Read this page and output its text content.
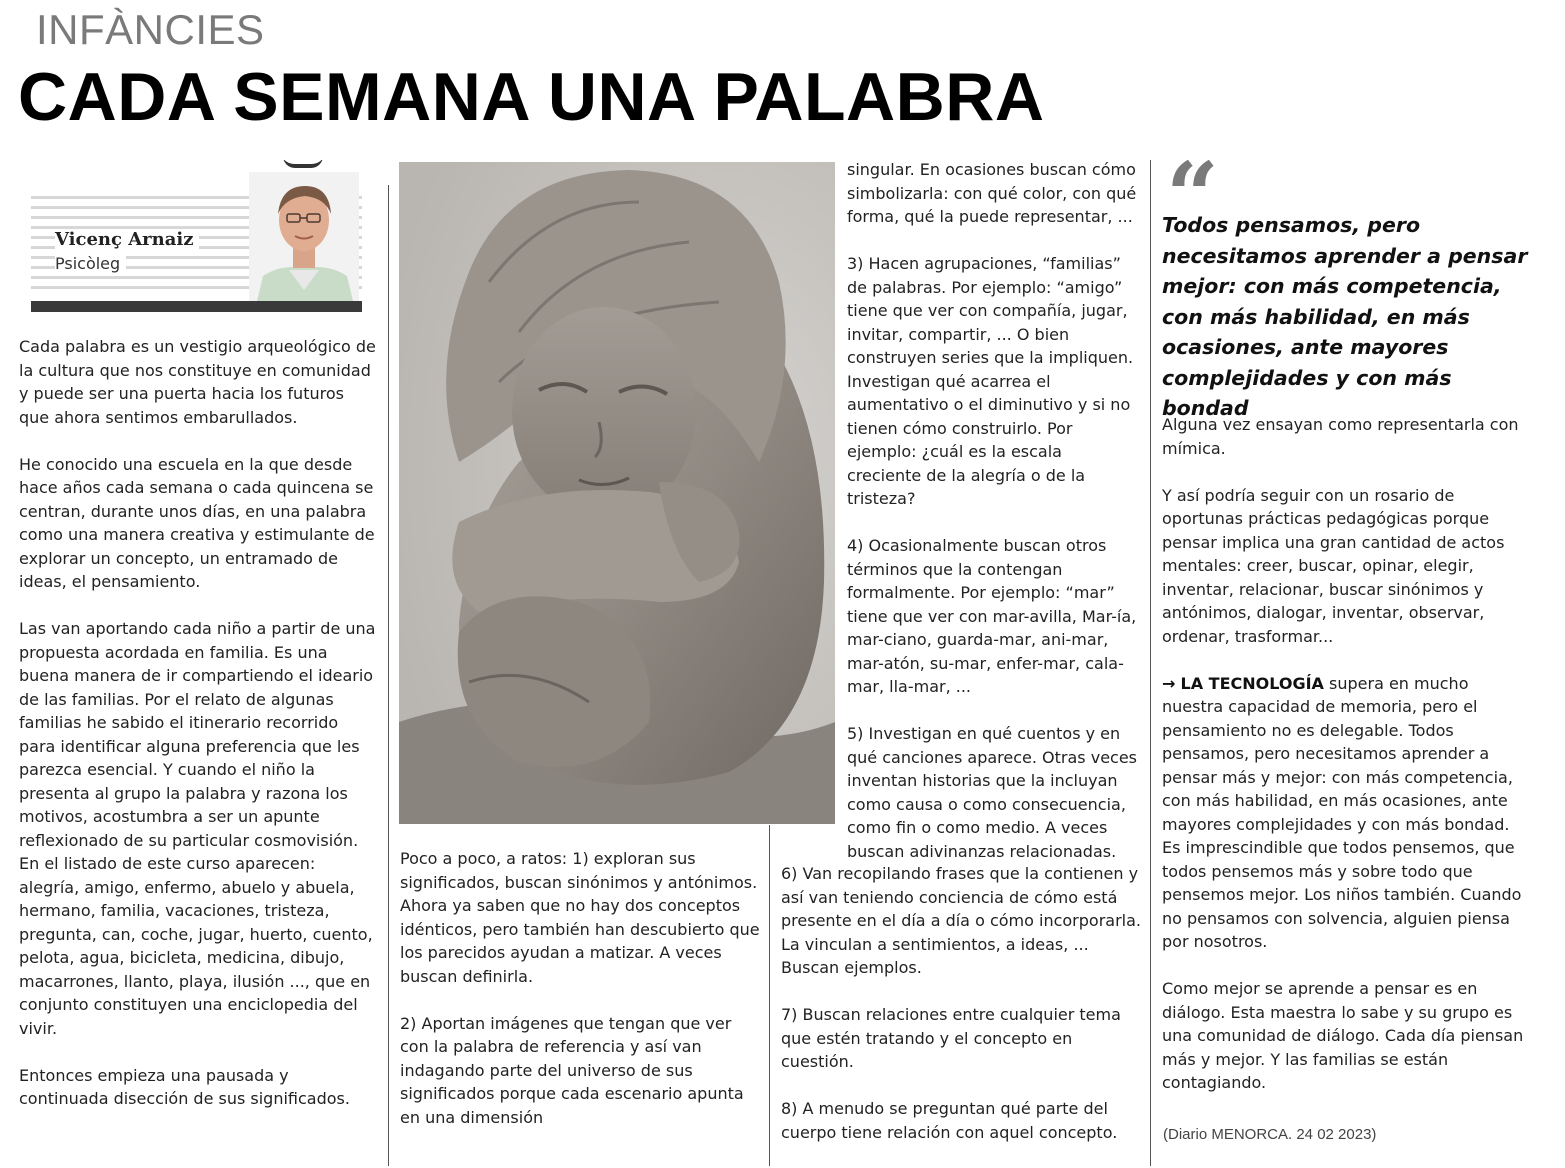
INFÀNCIES
CADA SEMANA UNA PALABRA
Vicenç Arnaiz
Psicòleg

Cada palabra es un vestigio arqueológico de la cultura que nos constituye en comunidad y puede ser una puerta hacia los futuros que ahora sentimos embarullados.

He conocido una escuela en la que desde hace años cada semana o cada quincena se centran, durante unos días, en una palabra como una manera creativa y estimulante de explorar un concepto, un entramado de ideas, el pensamiento.

Las van aportando cada niño a partir de una propuesta acordada en familia. Es una buena manera de ir compartiendo el ideario de las familias. Por el relato de algunas familias he sabido el itinerario recorrido para identificar alguna preferencia que les parezca esencial. Y cuando el niño la presenta al grupo la palabra y razona los motivos, acostumbra a ser un apunte reflexionado de su particular cosmovisión. En el listado de este curso aparecen: alegría, amigo, enfermo, abuelo y abuela, hermano, familia, vacaciones, tristeza, pregunta, can, coche, jugar, huerto, cuento, pelota, agua, bicicleta, medicina, dibujo, macarrones, llanto, playa, ilusión ..., que en conjunto constituyen una enciclopedia del vivir.

Entonces empieza una pausada y continuada disección de sus significados.

Poco a poco, a ratos: 1) exploran sus significados, buscan sinónimos y antónimos. Ahora ya saben que no hay dos conceptos idénticos, pero también han descubierto que los parecidos ayudan a matizar. A veces buscan definirla.

2) Aportan imágenes que tengan que ver con la palabra de referencia y así van indagando parte del universo de sus significados porque cada escenario apunta en una dimensión

singular. En ocasiones buscan cómo simbolizarla: con qué color, con qué forma, qué la puede representar, ...

3) Hacen agrupaciones, “familias” de palabras. Por ejemplo: “amigo” tiene que ver con compañía, jugar, invitar, compartir, ... O bien construyen series que la impliquen. Investigan qué acarrea el aumentativo o el diminutivo y si no tienen cómo construirlo. Por ejemplo: ¿cuál es la escala creciente de la alegría o de la tristeza?

4) Ocasionalmente buscan otros términos que la contengan formalmente. Por ejemplo: “mar” tiene que ver con mar-avilla, Mar-ía, mar-ciano, guarda-mar, ani-mar, mar-atón, su-mar, enfer-mar, cala-mar, lla-mar, ...

5) Investigan en qué cuentos y en qué canciones aparece. Otras veces inventan historias que la incluyan como causa o como consecuencia, como fin o como medio. A veces buscan adivinanzas relacionadas.

6) Van recopilando frases que la contienen y así van teniendo conciencia de cómo está presente en el día a día o cómo incorporarla. La vinculan a sentimientos, a ideas, ... Buscan ejemplos.

7) Buscan relaciones entre cualquier tema que estén tratando y el concepto en cuestión.

8) A menudo se preguntan qué parte del cuerpo tiene relación con aquel concepto.

“
Todos pensamos, pero necesitamos aprender a pensar mejor: con más competencia, con más habilidad, en más ocasiones, ante mayores complejidades y con más bondad

Alguna vez ensayan como representarla con mímica.

Y así podría seguir con un rosario de oportunas prácticas pedagógicas porque pensar implica una gran cantidad de actos mentales: creer, buscar, opinar, elegir, inventar, relacionar, buscar sinónimos y antónimos, dialogar, inventar, observar, ordenar, trasformar...

→ LA TECNOLOGÍA supera en mucho nuestra capacidad de memoria, pero el pensamiento no es delegable. Todos pensamos, pero necesitamos aprender a pensar más y mejor: con más competencia, con más habilidad, en más ocasiones, ante mayores complejidades y con más bondad. Es imprescindible que todos pensemos, que todos pensemos más y sobre todo que pensemos mejor. Los niños también. Cuando no pensamos con solvencia, alguien piensa por nosotros.

Como mejor se aprende a pensar es en diálogo. Esta maestra lo sabe y su grupo es una comunidad de diálogo. Cada día piensan más y mejor. Y las familias se están contagiando.

(Diario MENORCA. 24 02 2023)
